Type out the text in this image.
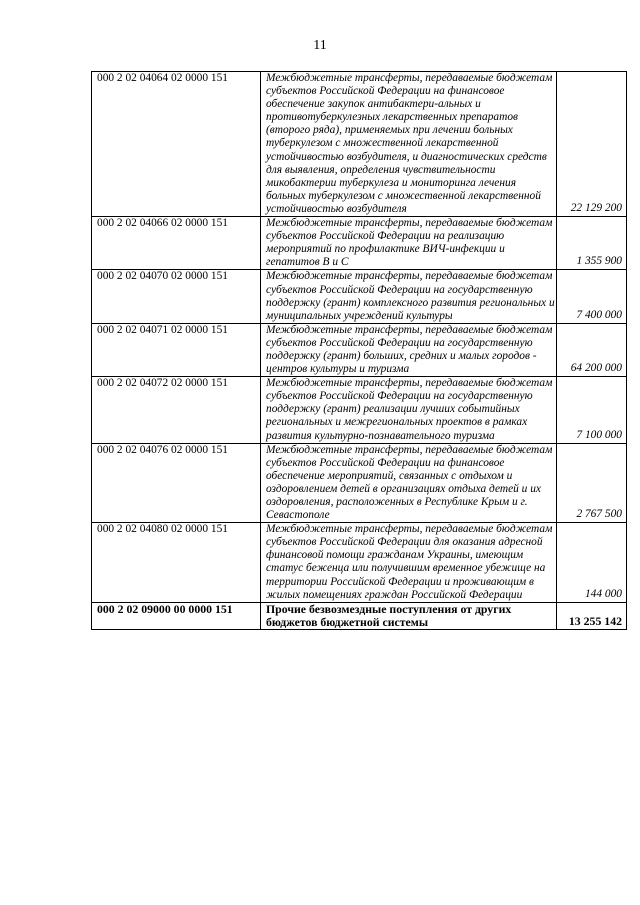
11
000 2 02 04064 02 0000 151	Межбюджетные трансферты, передаваемые бюджетам субъектов Российской Федерации на финансовое обеспечение закупок антибактери-альных и противотуберкулезных лекарственных препаратов (второго ряда), применяемых при лечении больных туберкулезом с множественной лекарственной устойчивостью возбудителя, и диагностических средств для выявления, определения чувствительности микобактерии туберкулеза и мониторинга лечения больных туберкулезом с множественной лекарственной устойчивостью возбудителя	22 129 200
000 2 02 04066 02 0000 151	Межбюджетные трансферты, передаваемые бюджетам субъектов Российской Федерации на реализацию мероприятий по профилактике ВИЧ-инфекции и гепатитов В и С	1 355 900
000 2 02 04070 02 0000 151	Межбюджетные трансферты, передаваемые бюджетам субъектов Российской Федерации на государственную поддержку (грант) комплексного развития региональных и муниципальных учреждений культуры	7 400 000
000 2 02 04071 02 0000 151	Межбюджетные трансферты, передаваемые бюджетам субъектов Российской Федерации на государственную поддержку (грант) больших, средних и малых городов - центров культуры и туризма	64 200 000
000 2 02 04072 02 0000 151	Межбюджетные трансферты, передаваемые бюджетам субъектов Российской Федерации на государственную поддержку (грант) реализации лучших событийных региональных и межрегиональных проектов в рамках развития культурно-познавательного туризма	7 100 000
000 2 02 04076 02 0000 151	Межбюджетные трансферты, передаваемые бюджетам субъектов Российской Федерации на финансовое обеспечение мероприятий, связанных с отдыхом и оздоровлением детей в организациях отдыха детей и их оздоровления, расположенных в Республике Крым и г. Севастополе	2 767 500
000 2 02 04080 02 0000 151	Межбюджетные трансферты, передаваемые бюджетам субъектов Российской Федерации для оказания адресной финансовой помощи гражданам Украины, имеющим статус беженца или получившим временное убежище на территории Российской Федерации и проживающим в жилых помещениях граждан Российской Федерации	144 000
000 2 02 09000 00 0000 151	Прочие безвозмездные поступления от других бюджетов бюджетной системы	13 255 142
